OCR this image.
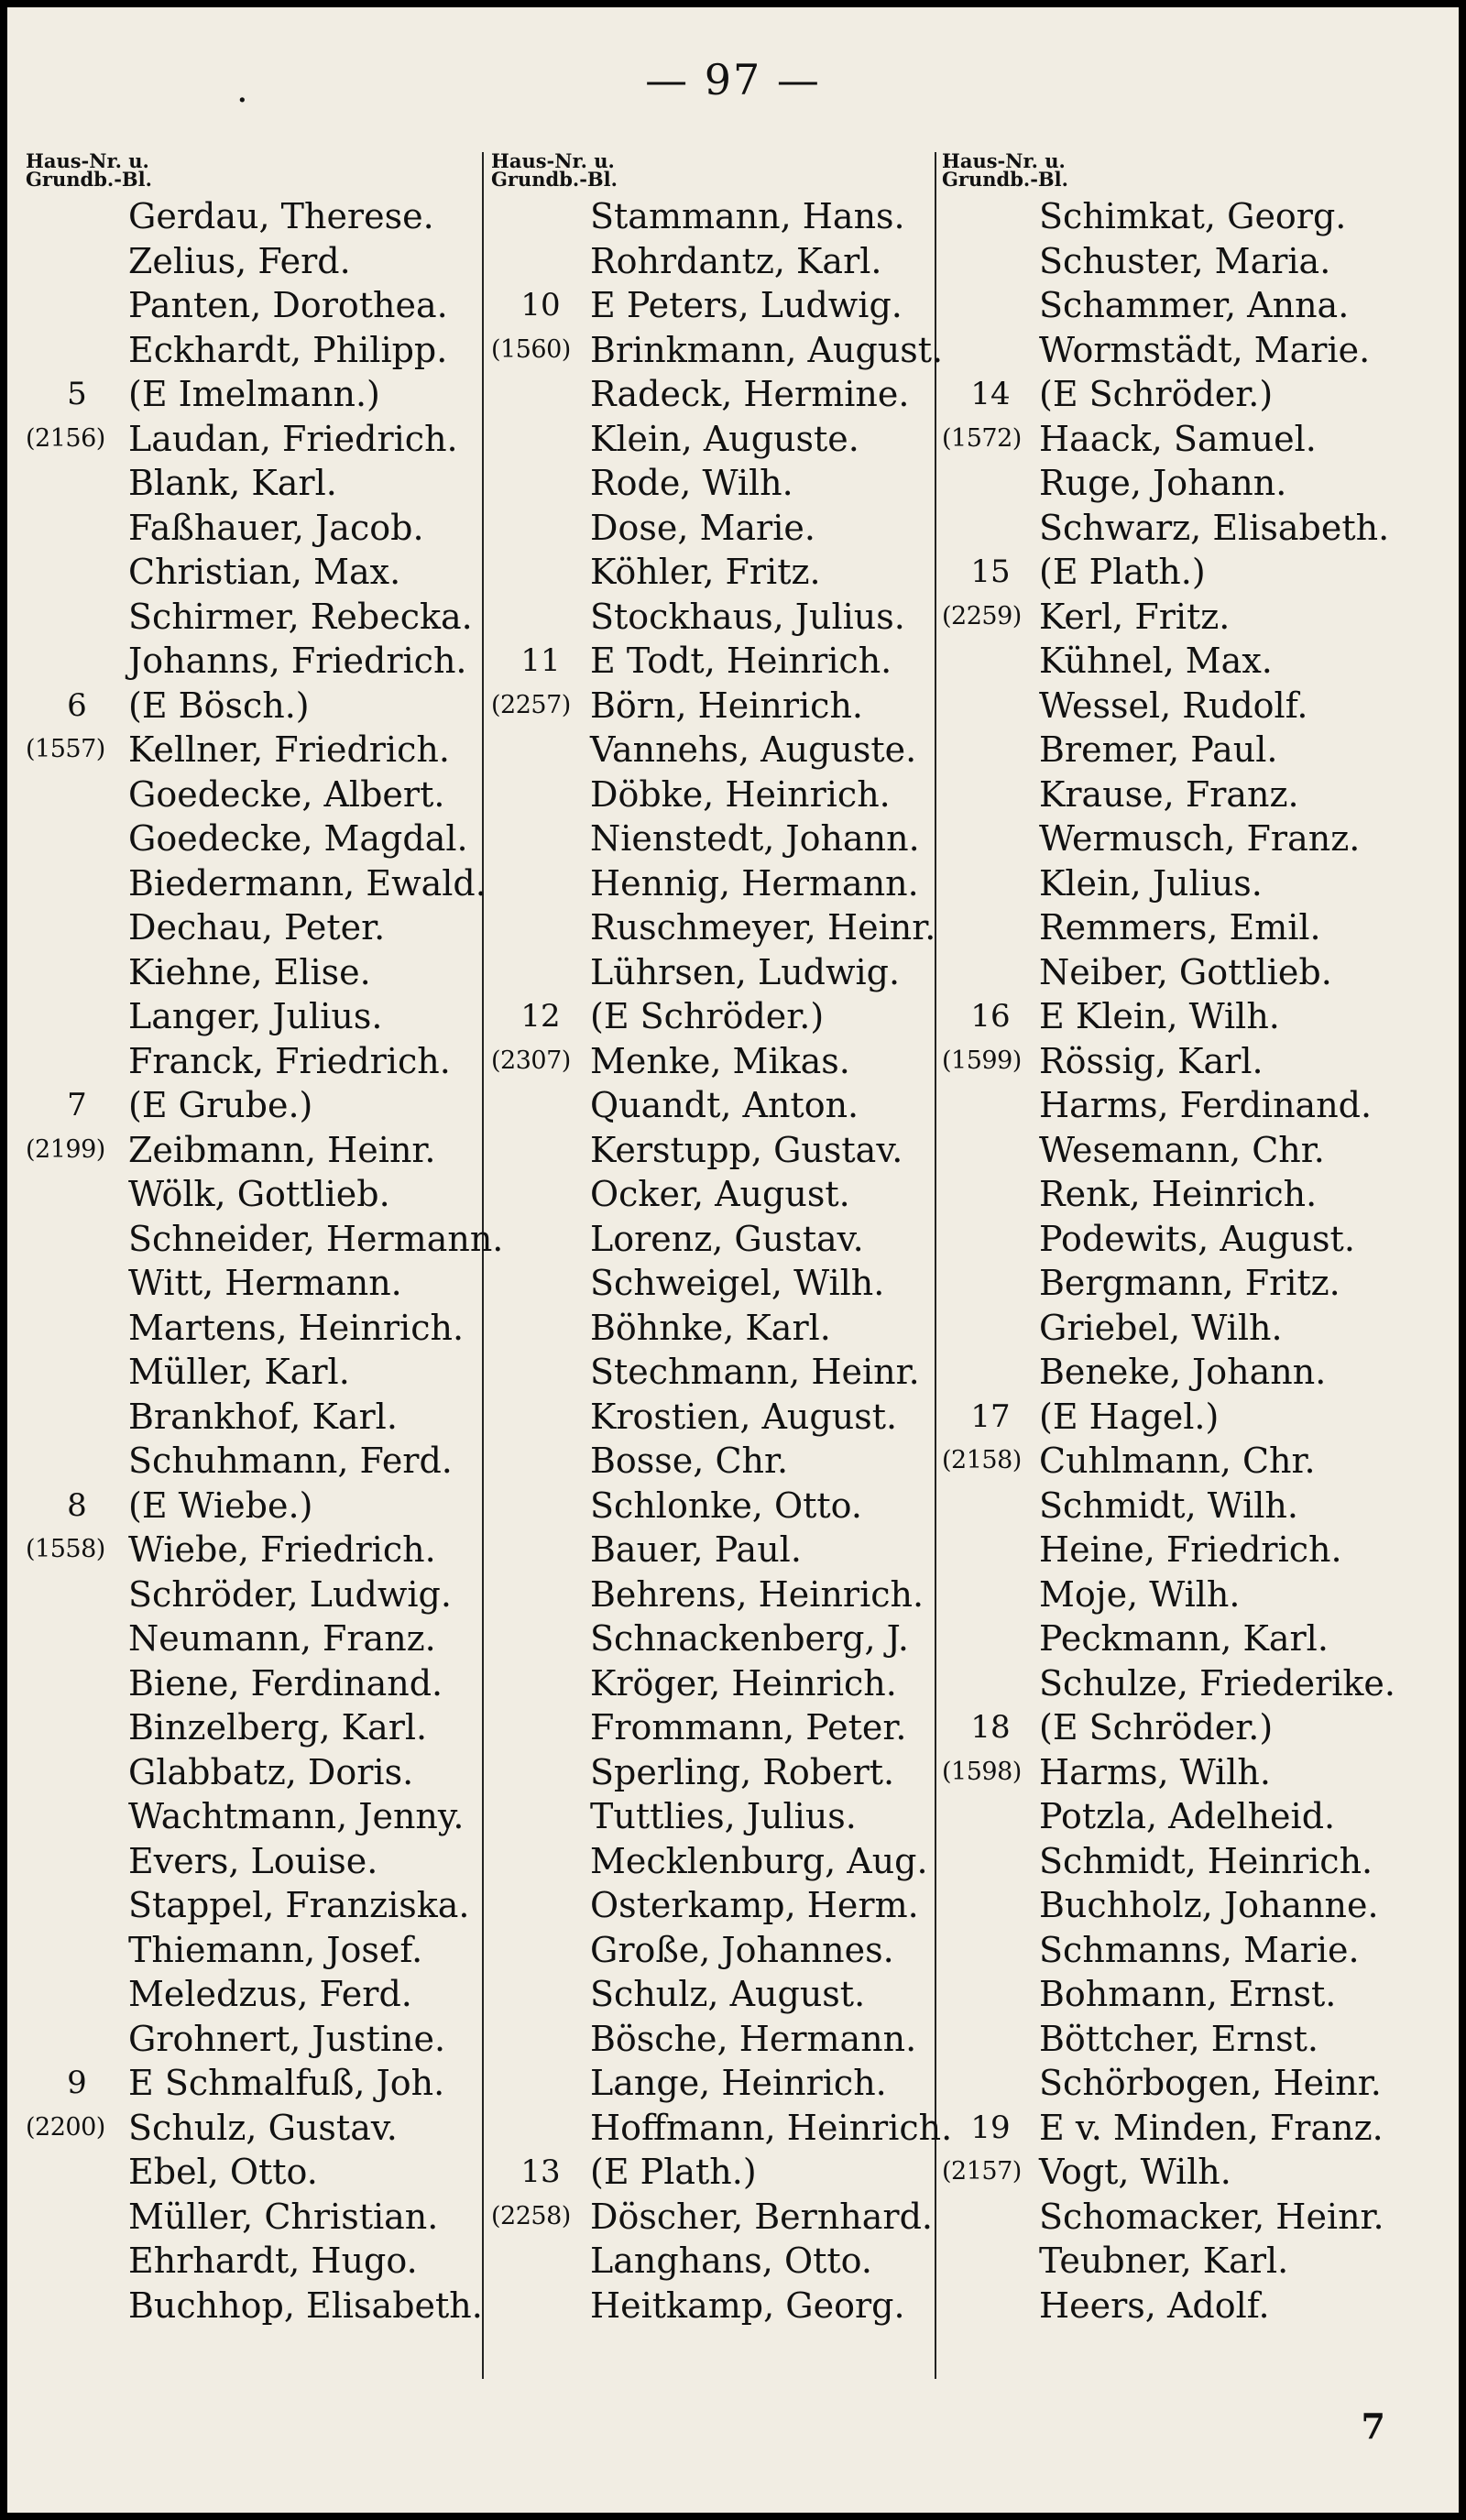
— 97 —
·
Haus-Nr. u.
Grundb.-Bl.
Gerdau, Therese.
Zelius, Ferd.
Panten, Dorothea.
Eckhardt, Philipp.
5	(E Imelmann.)
(2156) Laudan, Friedrich.
Blank, Karl.
Faßhauer, Jacob.
Christian, Max.
Schirmer, Rebecka.
Johanns, Friedrich.
6	(E Bösch.)
(1557) Kellner, Friedrich.
Goedecke, Albert.
Goedecke, Magdal.
Biedermann, Ewald.
Dechau, Peter.
Kiehne, Elise.
Langer, Julius.
Franck, Friedrich.
7	(E Grube.)
(2199) Zeibmann, Heinr.
Wölk, Gottlieb.
Schneider, Hermann.
Witt, Hermann.
Martens, Heinrich.
Müller, Karl.
Brankhof, Karl.
Schuhmann, Ferd.
8	(E Wiebe.)
(1558) Wiebe, Friedrich.
Schröder, Ludwig.
Neumann, Franz.
Biene, Ferdinand.
Binzelberg, Karl.
Glabbatz, Doris.
Wachtmann, Jenny.
Evers, Louise.
Stappel, Franziska.
Thiemann, Josef.
Meledzus, Ferd.
Grohnert, Justine.
9	E Schmalfuß, Joh.
(2200) Schulz, Gustav.
Ebel, Otto.
Müller, Christian.
Ehrhardt, Hugo.
Buchhop, Elisabeth.
Haus-Nr. u.
Grundb.-Bl.
Stammann, Hans.
Rohrdantz, Karl.
10 E Peters, Ludwig.
(1560) Brinkmann, August.
Radeck, Hermine.
Klein, Auguste.
Rode, Wilh.
Dose, Marie.
Köhler, Fritz.
Stockhaus, Julius.
11 E Todt, Heinrich.
(2257) Börn, Heinrich.
Vannehs, Auguste.
Döbke, Heinrich.
Nienstedt, Johann.
Hennig, Hermann.
Ruschmeyer, Heinr.
Lührsen, Ludwig.
12 (E Schröder.)
(2307) Menke, Mikas.
Quandt, Anton.
Kerstupp, Gustav.
Ocker, August.
Lorenz, Gustav.
Schweigel, Wilh.
Böhnke, Karl.
Stechmann, Heinr.
Krostien, August.
Bosse, Chr.
Schlonke, Otto.
Bauer, Paul.
Behrens, Heinrich.
Schnackenberg, J.
Kröger, Heinrich.
Frommann, Peter.
Sperling, Robert.
Tuttlies, Julius.
Mecklenburg, Aug.
Osterkamp, Herm.
Große, Johannes.
Schulz, August.
Bösche, Hermann.
Lange, Heinrich.
Hoffmann, Heinrich.
13 (E Plath.)
(2258) Döscher, Bernhard.
Langhans, Otto.
Heitkamp, Georg.
Haus-Nr. u.
Grundb.-Bl.
Schimkat, Georg.
Schuster, Maria.
Schammer, Anna.
Wormstädt, Marie.
14 (E Schröder.)
(1572) Haack, Samuel.
Ruge, Johann.
Schwarz, Elisabeth.
15 (E Plath.)
(2259) Kerl, Fritz.
Kühnel, Max.
Wessel, Rudolf.
Bremer, Paul.
Krause, Franz.
Wermusch, Franz.
Klein, Julius.
Remmers, Emil.
Neiber, Gottlieb.
16 E Klein, Wilh.
(1599) Rössig, Karl.
Harms, Ferdinand.
Wesemann, Chr.
Renk, Heinrich.
Podewits, August.
Bergmann, Fritz.
Griebel, Wilh.
Beneke, Johann.
17 (E Hagel.)
(2158) Cuhlmann, Chr.
Schmidt, Wilh.
Heine, Friedrich.
Moje, Wilh.
Peckmann, Karl.
Schulze, Friederike.
18 (E Schröder.)
(1598) Harms, Wilh.
Potzla, Adelheid.
Schmidt, Heinrich.
Buchholz, Johanne.
Schmanns, Marie.
Bohmann, Ernst.
Böttcher, Ernst.
Schörbogen, Heinr.
19 E v. Minden, Franz.
(2157) Vogt, Wilh.
Schomacker, Heinr.
Teubner, Karl.
Heers, Adolf.
7
